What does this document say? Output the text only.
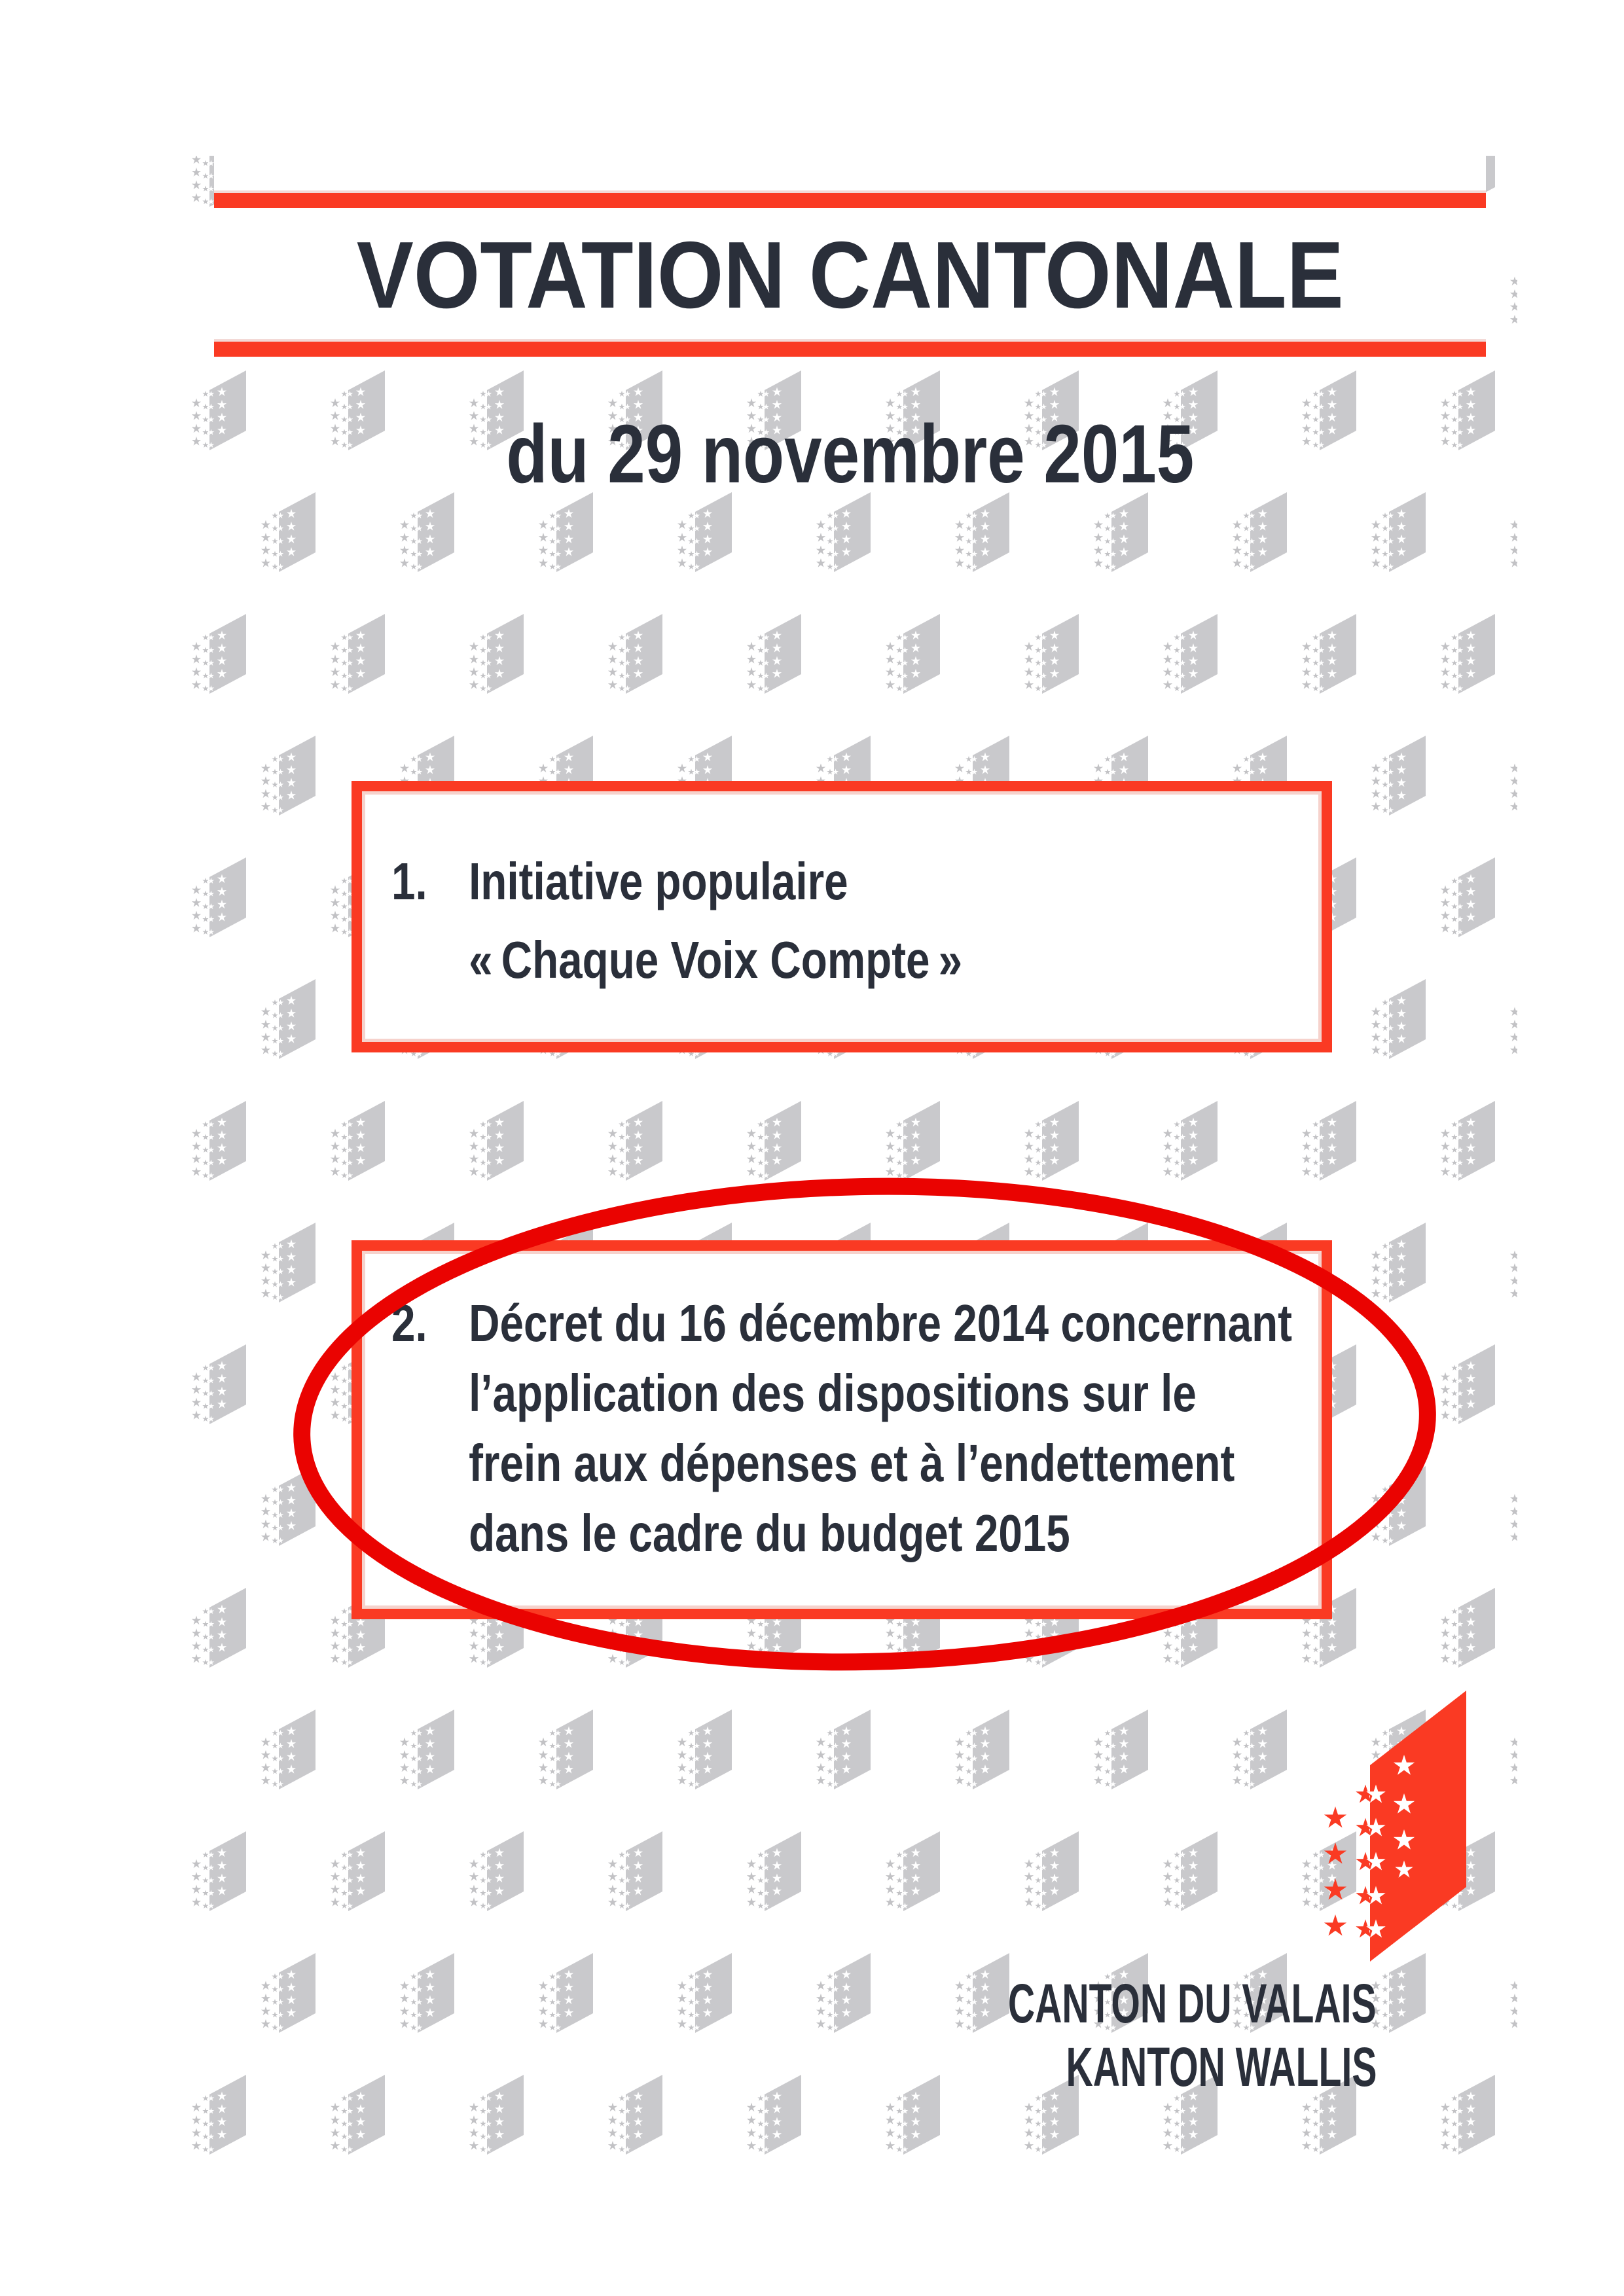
VOTATION CANTONALE
du 29 novembre 2015
1. Initiative populaire
« Chaque Voix Compte »
2. Décret du 16 décembre 2014 concernant
l’application des dispositions sur le
frein aux dépenses et à l’endettement
dans le cadre du budget 2015
CANTON DU VALAIS
KANTON WALLIS
